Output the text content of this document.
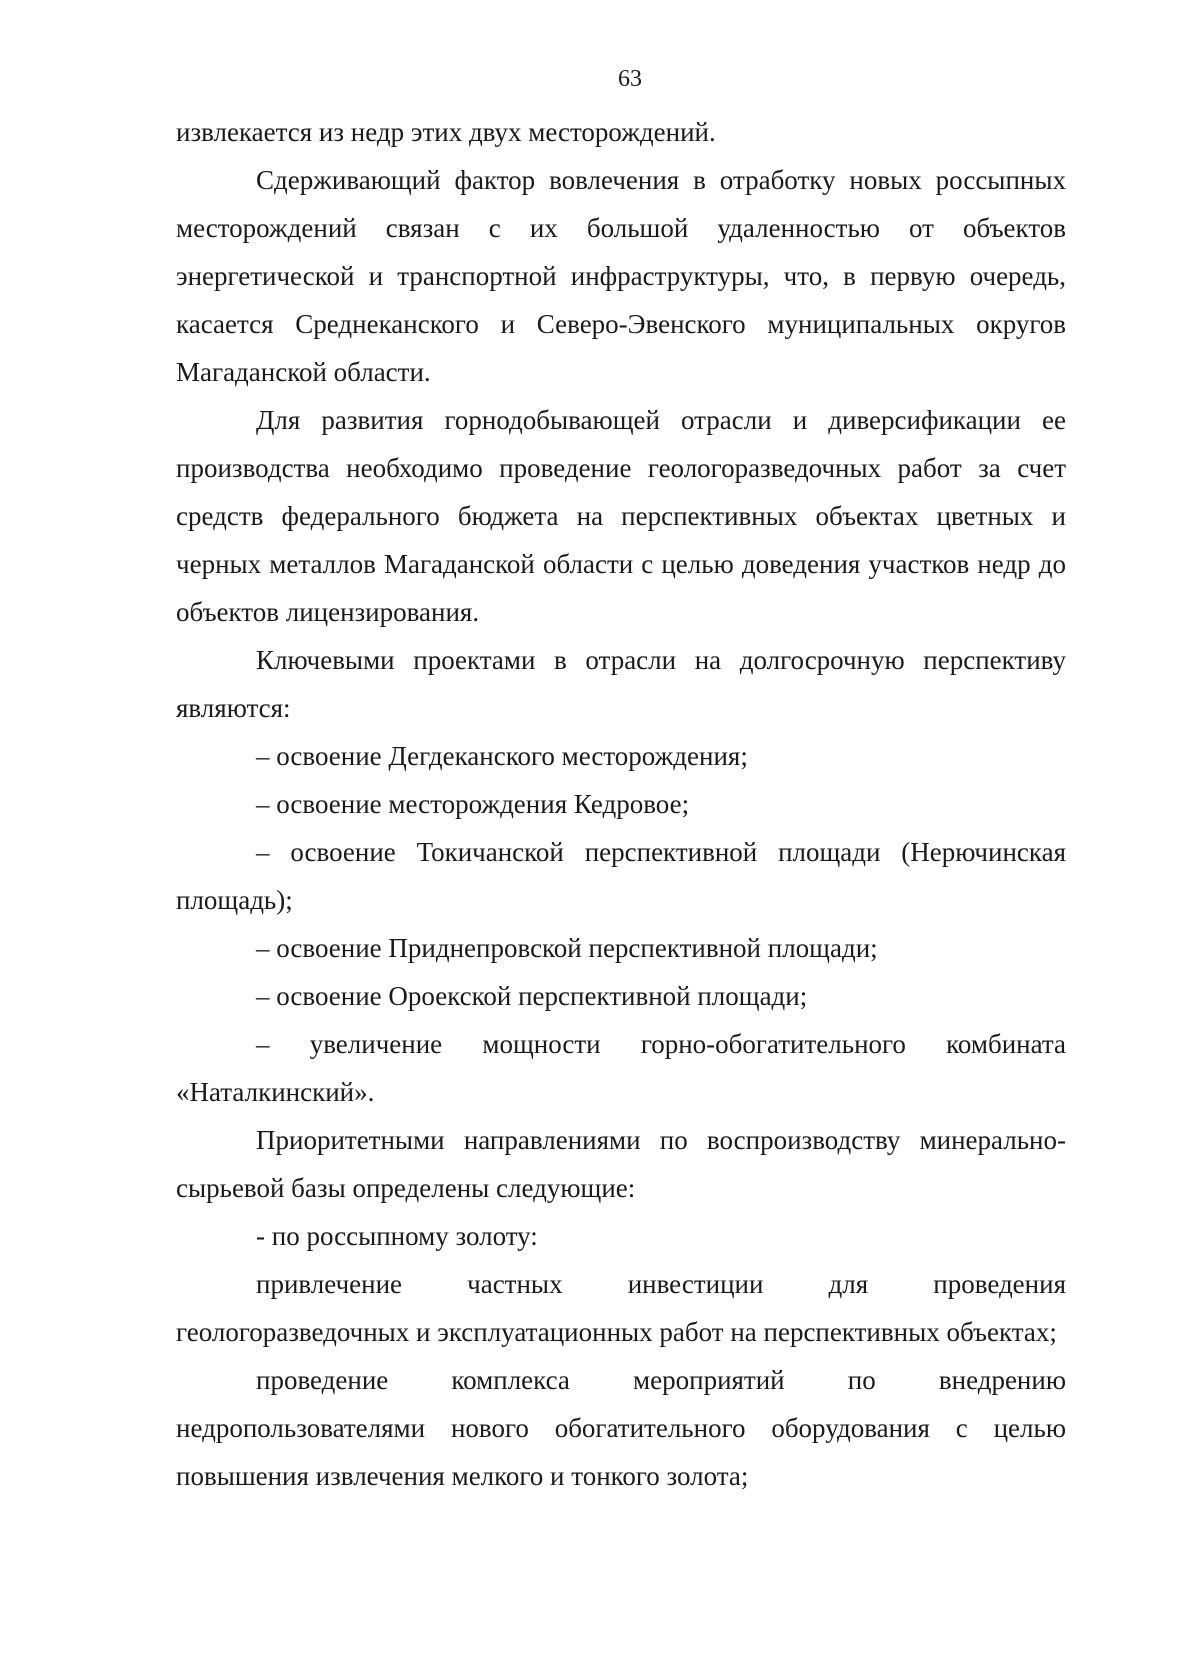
63

извлекается из недр этих двух месторождений.

Сдерживающий фактор вовлечения в отработку новых россыпных месторождений связан с их большой удаленностью от объектов энергетической и транспортной инфраструктуры, что, в первую очередь, касается Среднеканского и Северо-Эвенского муниципальных округов Магаданской области.

Для развития горнодобывающей отрасли и диверсификации ее производства необходимо проведение геологоразведочных работ за счет средств федерального бюджета на перспективных объектах цветных и черных металлов Магаданской области с целью доведения участков недр до объектов лицензирования.

Ключевыми проектами в отрасли на долгосрочную перспективу являются:

– освоение Дегдеканского месторождения;

– освоение месторождения Кедровое;

– освоение Токичанской перспективной площади (Нерючинская площадь);

– освоение Приднепровской перспективной площади;

– освоение Ороекской перспективной площади;

– увеличение мощности горно-обогатительного комбината «Наталкинский».

Приоритетными направлениями по воспроизводству минерально-сырьевой базы определены следующие:

- по россыпному золоту:

привлечение частных инвестиции для проведения геологоразведочных и эксплуатационных работ на перспективных объектах;

проведение комплекса мероприятий по внедрению недропользователями нового обогатительного оборудования с целью повышения извлечения мелкого и тонкого золота;
